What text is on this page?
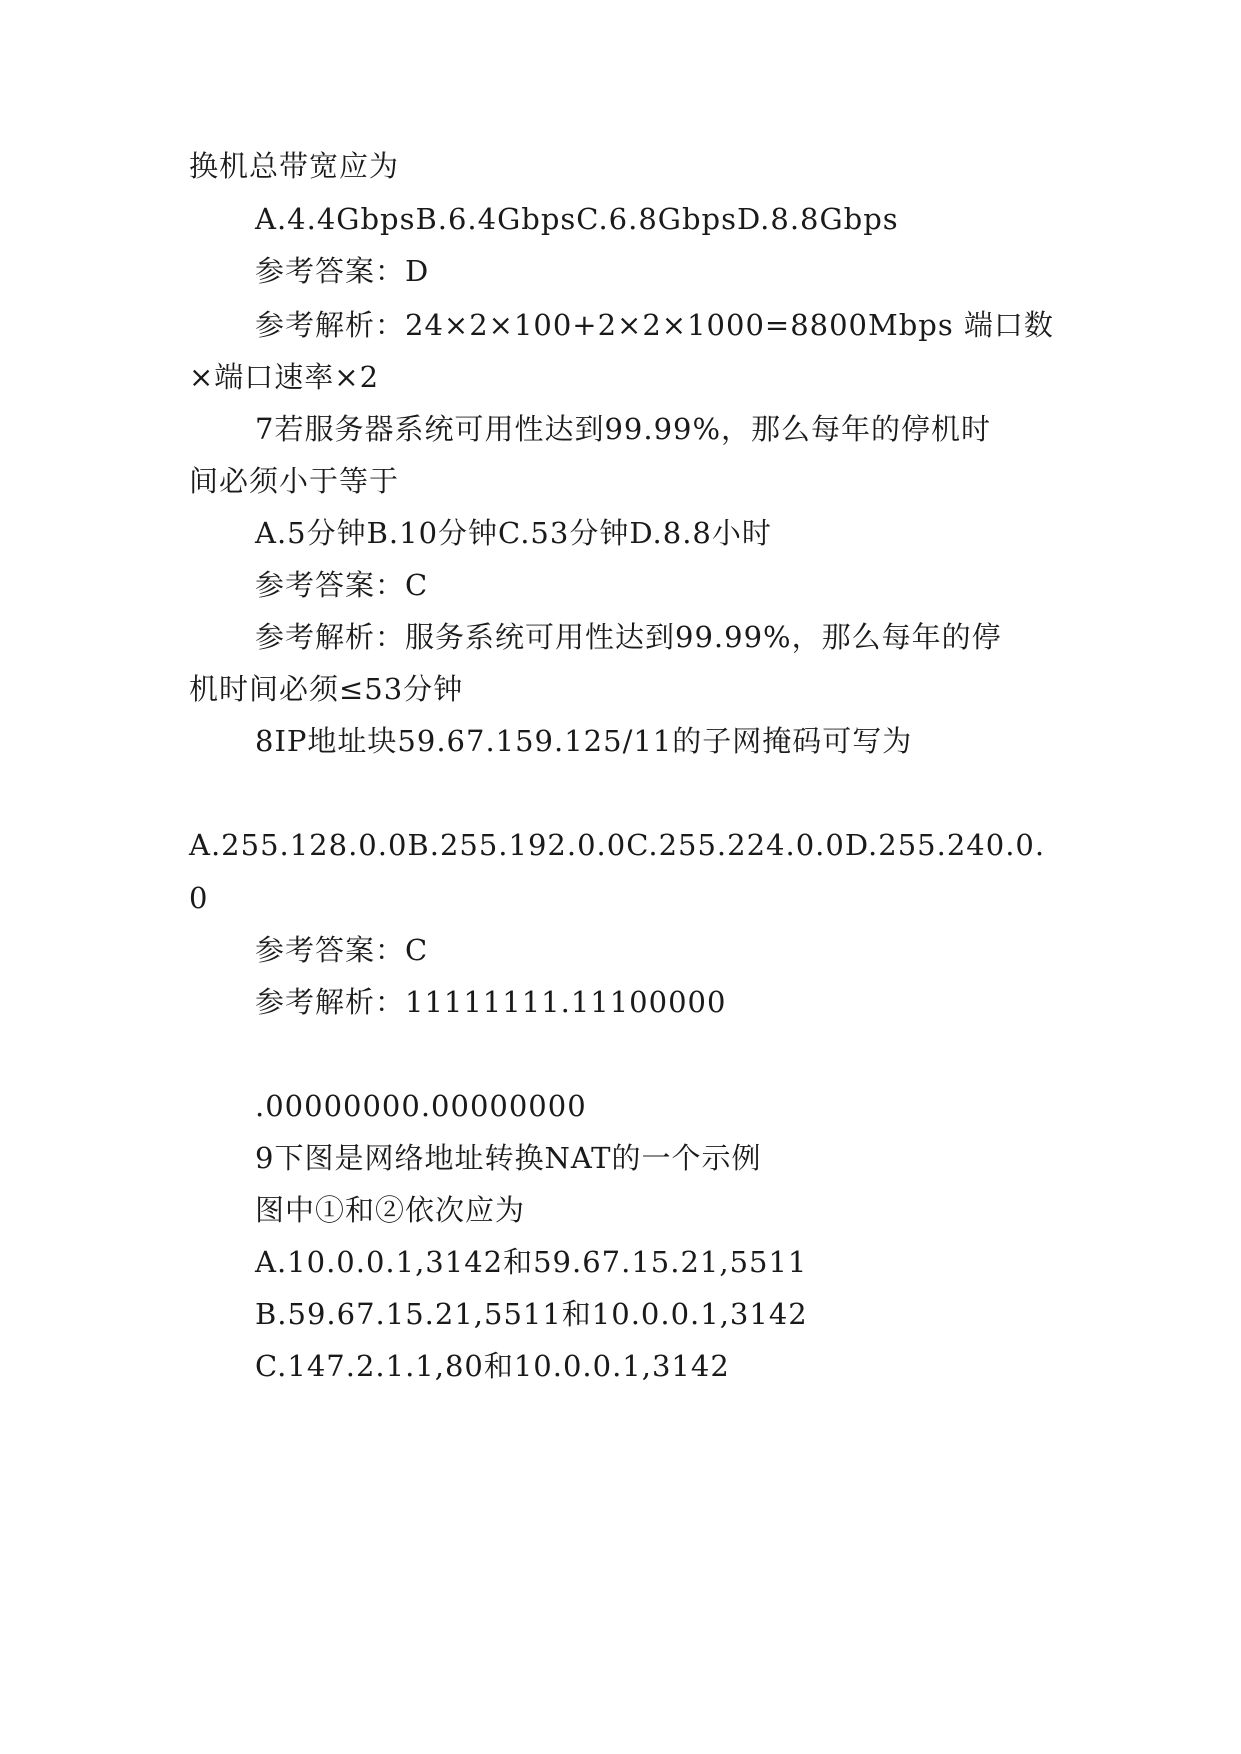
换机总带宽应为
A.4.4GbpsB.6.4GbpsC.6.8GbpsD.8.8Gbps
参考答案：D
参考解析：24×2×100+2×2×1000=8800Mbps 端口数
×端口速率×2
7若服务器系统可用性达到99.99%，那么每年的停机时
间必须小于等于
A.5分钟B.10分钟C.53分钟D.8.8小时
参考答案：C
参考解析：服务系统可用性达到99.99%，那么每年的停
机时间必须≤53分钟
8IP地址块59.67.159.125/11的子网掩码可写为
A.255.128.0.0B.255.192.0.0C.255.224.0.0D.255.240.0.
0
参考答案：C
参考解析：11111111.11100000
.00000000.00000000
9下图是网络地址转换NAT的一个示例
图中①和②依次应为
A.10.0.0.1,3142和59.67.15.21,5511
B.59.67.15.21,5511和10.0.0.1,3142
C.147.2.1.1,80和10.0.0.1,3142
